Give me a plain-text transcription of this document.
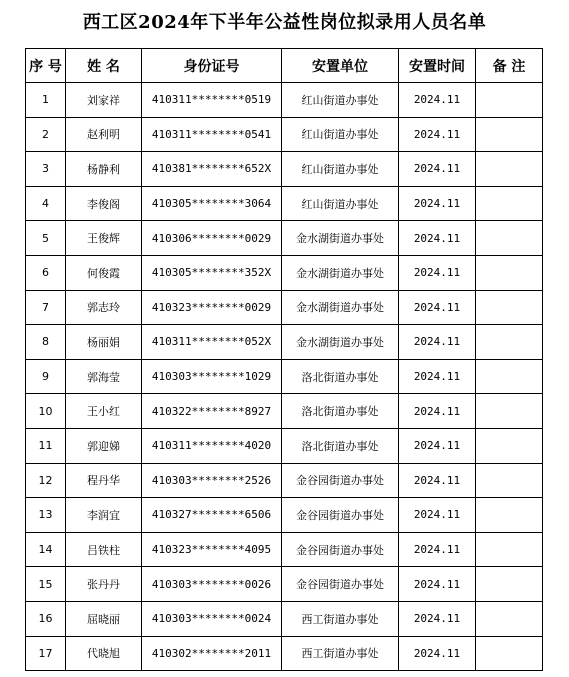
西工区2024年下半年公益性岗位拟录用人员名单
序 号	姓 名	身份证号	安置单位	安置时间	备 注
1	刘家祥	410311********0519	红山街道办事处	2024.11	
2	赵利明	410311********0541	红山街道办事处	2024.11	
3	杨静利	410381********652X	红山街道办事处	2024.11	
4	李俊阁	410305********3064	红山街道办事处	2024.11	
5	王俊辉	410306********0029	金水湖街道办事处	2024.11	
6	何俊霞	410305********352X	金水湖街道办事处	2024.11	
7	郭志玲	410323********0029	金水湖街道办事处	2024.11	
8	杨丽娟	410311********052X	金水湖街道办事处	2024.11	
9	郭海莹	410303********1029	洛北街道办事处	2024.11	
10	王小红	410322********8927	洛北街道办事处	2024.11	
11	郭迎娣	410311********4020	洛北街道办事处	2024.11	
12	程丹华	410303********2526	金谷园街道办事处	2024.11	
13	李润宜	410327********6506	金谷园街道办事处	2024.11	
14	吕铁柱	410323********4095	金谷园街道办事处	2024.11	
15	张丹丹	410303********0026	金谷园街道办事处	2024.11	
16	屈晓丽	410303********0024	西工街道办事处	2024.11	
17	代晓旭	410302********2011	西工街道办事处	2024.11	
